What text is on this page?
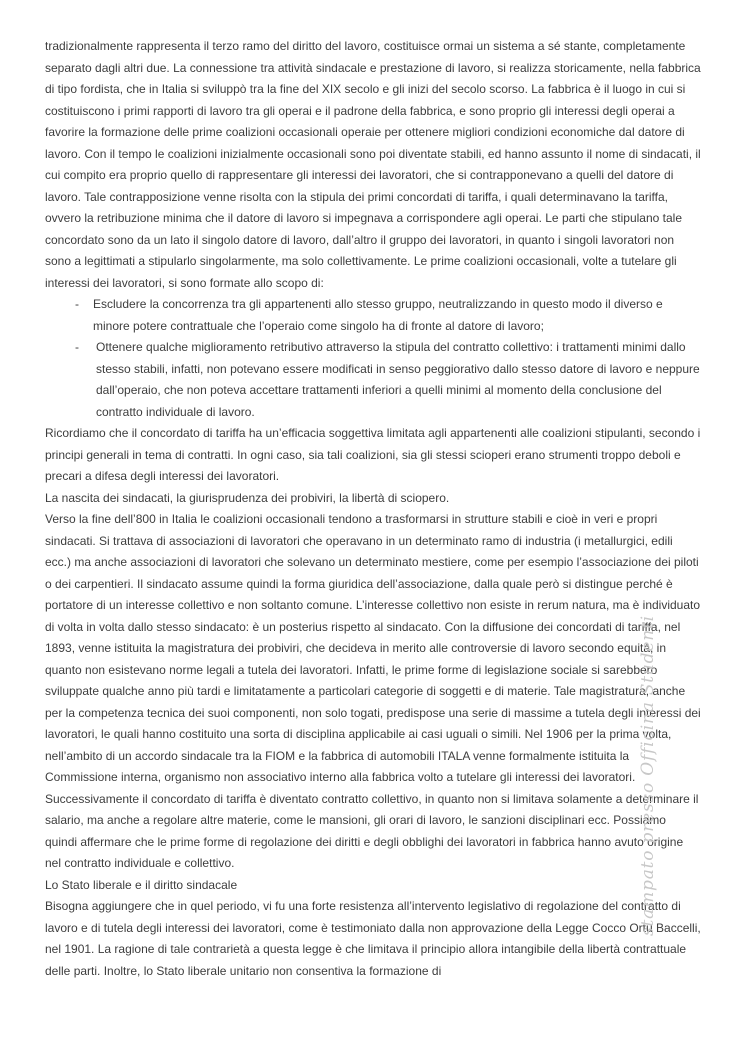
tradizionalmente rappresenta il terzo ramo del diritto del lavoro, costituisce ormai un sistema a sé stante, completamente separato dagli altri due. La connessione tra attività sindacale e prestazione di lavoro, si realizza storicamente, nella fabbrica di tipo fordista, che in Italia si sviluppò tra la fine del XIX secolo e gli inizi del secolo scorso. La fabbrica è il luogo in cui si costituiscono i primi rapporti di lavoro tra gli operai e il padrone della fabbrica, e sono proprio gli interessi degli operai a favorire la formazione delle prime coalizioni occasionali operaie per ottenere migliori condizioni economiche dal datore di lavoro. Con il tempo le coalizioni inizialmente occasionali sono poi diventate stabili, ed hanno assunto il nome di sindacati, il cui compito era proprio quello di rappresentare gli interessi dei lavoratori, che si contrapponevano a quelli del datore di lavoro. Tale contrapposizione venne risolta con la stipula dei primi concordati di tariffa, i quali determinavano la tariffa, ovvero la retribuzione minima che il datore di lavoro si impegnava a corrispondere agli operai. Le parti che stipulano tale concordato sono da un lato il singolo datore di lavoro, dall’altro il gruppo dei lavoratori, in quanto i singoli lavoratori non sono a legittimati a stipularlo singolarmente, ma solo collettivamente. Le prime coalizioni occasionali, volte a tutelare gli interessi dei lavoratori, si sono formate allo scopo di:

-	Escludere la concorrenza tra gli appartenenti allo stesso gruppo, neutralizzando in questo modo il diverso e minore potere contrattuale che l’operaio come singolo ha di fronte al datore di lavoro;
-	Ottenere qualche miglioramento retributivo attraverso la stipula del contratto collettivo: i trattamenti minimi dallo stesso stabili, infatti, non potevano essere modificati in senso peggiorativo dallo stesso datore di lavoro e neppure dall’operaio, che non poteva accettare trattamenti inferiori a quelli minimi al momento della conclusione del contratto individuale di lavoro.

Ricordiamo che il concordato di tariffa ha un’efficacia soggettiva limitata agli appartenenti alle coalizioni stipulanti, secondo i principi generali in tema di contratti. In ogni caso, sia tali coalizioni, sia gli stessi scioperi erano strumenti troppo deboli e precari a difesa degli interessi dei lavoratori.

La nascita dei sindacati, la giurisprudenza dei probiviri, la libertà di sciopero.

Verso la fine dell’800 in Italia le coalizioni occasionali tendono a trasformarsi in strutture stabili e cioè in veri e propri sindacati. Si trattava di associazioni di lavoratori che operavano in un determinato ramo di industria (i metallurgici, edili ecc.) ma anche associazioni di lavoratori che solevano un determinato mestiere, come per esempio l’associazione dei piloti o dei carpentieri. Il sindacato assume quindi la forma giuridica dell’associazione, dalla quale però si distingue perché è portatore di un interesse collettivo e non soltanto comune. L’interesse collettivo non esiste in rerum natura, ma è individuato di volta in volta dallo stesso sindacato: è un posterius rispetto al sindacato. Con la diffusione dei concordati di tariffa, nel 1893, venne istituita la magistratura dei probiviri, che decideva in merito alle controversie di lavoro secondo equità, in quanto non esistevano norme legali a tutela dei lavoratori. Infatti, le prime forme di legislazione sociale si sarebbero sviluppate qualche anno più tardi e limitatamente a particolari categorie di soggetti e di materie. Tale magistratura, anche per la competenza tecnica dei suoi componenti, non solo togati, predispose una serie di massime a tutela degli interessi dei lavoratori, le quali hanno costituito una sorta di disciplina applicabile ai casi uguali o simili. Nel 1906 per la prima volta, nell’ambito di un accordo sindacale tra la FIOM e la fabbrica di automobili ITALA venne formalmente istituita la Commissione interna, organismo non associativo interno alla fabbrica volto a tutelare gli interessi dei lavoratori. Successivamente il concordato di tariffa è diventato contratto collettivo, in quanto non si limitava solamente a determinare il salario, ma anche a regolare altre materie, come le mansioni, gli orari di lavoro, le sanzioni disciplinari ecc. Possiamo quindi affermare che le prime forme di regolazione dei diritti e degli obblighi dei lavoratori in fabbrica hanno avuto origine nel contratto individuale e collettivo.

Lo Stato liberale e il diritto sindacale

Bisogna aggiungere che in quel periodo, vi fu una forte resistenza all’intervento legislativo di regolazione del contratto di lavoro e di tutela degli interessi dei lavoratori, come è testimoniato dalla non approvazione della Legge Cocco Ortu Baccelli, nel 1901. La ragione di tale contrarietà a questa legge è che limitava il principio allora intangibile della libertà contrattuale delle parti. Inoltre, lo Stato liberale unitario non consentiva la formazione di

stampato presso Officina Studenti
